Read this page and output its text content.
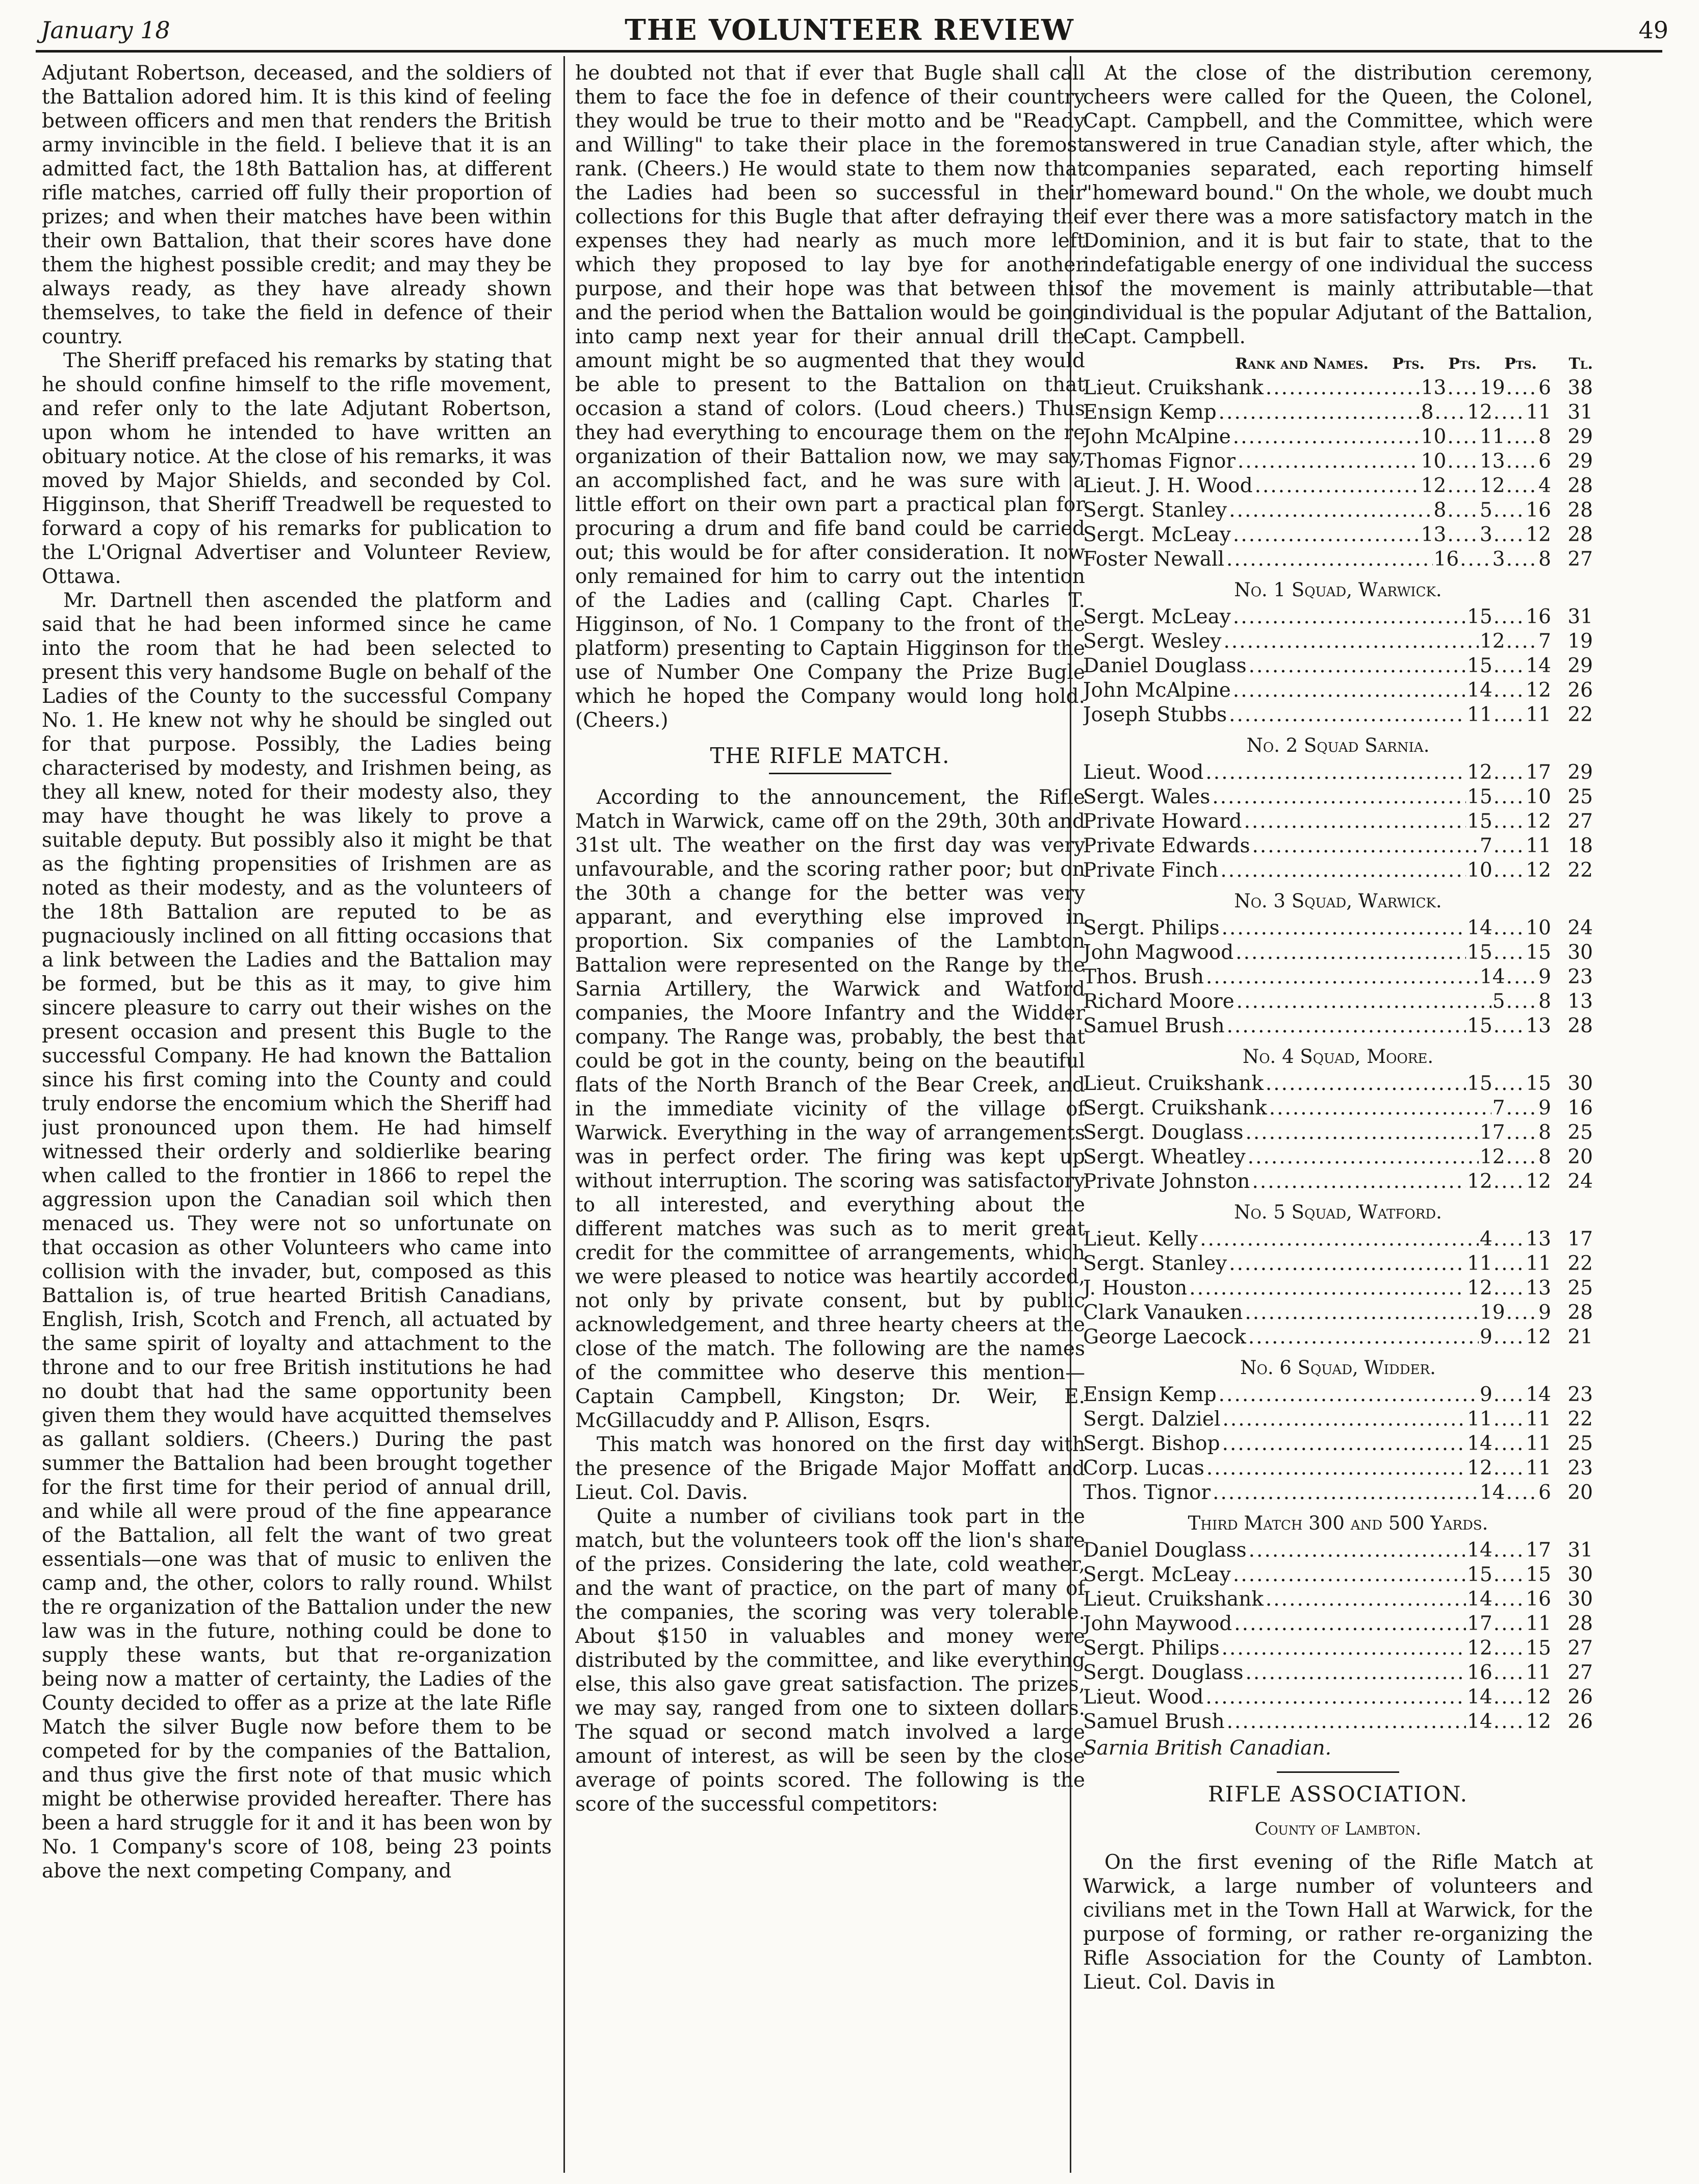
January 18	THE VOLUNTEER REVIEW	49

Adjutant Robertson, deceased, and the soldiers of the Battalion adored him. It is this kind of feeling between officers and men that renders the British army invincible in the field. I believe that it is an admitted fact, the 18th Battalion has, at different rifle matches, carried off fully their proportion of prizes; and when their matches have been within their own Battalion, that their scores have done them the highest possible credit; and may they be always ready, as they have already shown themselves, to take the field in defence of their country.

The Sheriff prefaced his remarks by stating that he should confine himself to the rifle movement, and refer only to the late Adjutant Robertson, upon whom he intended to have written an obituary notice. At the close of his remarks, it was moved by Major Shields, and seconded by Col. Higginson, that Sheriff Treadwell be requested to forward a copy of his remarks for publication to the L'Orignal Advertiser and Volunteer Review, Ottawa.

Mr. Dartnell then ascended the platform and said that he had been informed since he came into the room that he had been selected to present this very handsome Bugle on behalf of the Ladies of the County to the successful Company No. 1. He knew not why he should be singled out for that purpose. Possibly, the Ladies being characterised by modesty, and Irishmen being, as they all knew, noted for their modesty also, they may have thought he was likely to prove a suitable deputy. But possibly also it might be that as the fighting propensities of Irishmen are as noted as their modesty, and as the volunteers of the 18th Battalion are reputed to be as pugnaciously inclined on all fitting occasions that a link between the Ladies and the Battalion may be formed, but be this as it may, to give him sincere pleasure to carry out their wishes on the present occasion and present this Bugle to the successful Company. He had known the Battalion since his first coming into the County and could truly endorse the encomium which the Sheriff had just pronounced upon them. He had himself witnessed their orderly and soldierlike bearing when called to the frontier in 1866 to repel the aggression upon the Canadian soil which then menaced us. They were not so unfortunate on that occasion as other Volunteers who came into collision with the invader, but, composed as this Battalion is, of true hearted British Canadians, English, Irish, Scotch and French, all actuated by the same spirit of loyalty and attachment to the throne and to our free British institutions he had no doubt that had the same opportunity been given them they would have acquitted themselves as gallant soldiers. (Cheers.) During the past summer the Battalion had been brought together for the first time for their period of annual drill, and while all were proud of the fine appearance of the Battalion, all felt the want of two great essentials—one was that of music to enliven the camp and, the other, colors to rally round. Whilst the re organization of the Battalion under the new law was in the future, nothing could be done to supply these wants, but that re-organization being now a matter of certainty, the Ladies of the County decided to offer as a prize at the late Rifle Match the silver Bugle now before them to be competed for by the companies of the Battalion, and thus give the first note of that music which might be otherwise provided hereafter. There has been a hard struggle for it and it has been won by No. 1 Company's score of 108, being 23 points above the next competing Company, and

he doubted not that if ever that Bugle shall call them to face the foe in defence of their country they would be true to their motto and be "Ready and Willing" to take their place in the foremost rank. (Cheers.) He would state to them now that the Ladies had been so successful in their collections for this Bugle that after defraying the expenses they had nearly as much more left which they proposed to lay bye for another purpose, and their hope was that between this and the period when the Battalion would be going into camp next year for their annual drill the amount might be so augmented that they would be able to present to the Battalion on that occasion a stand of colors. (Loud cheers.) Thus they had everything to encourage them on the re organization of their Battalion now, we may say, an accomplished fact, and he was sure with a little effort on their own part a practical plan for procuring a drum and fife band could be carried out; this would be for after consideration. It now only remained for him to carry out the intention of the Ladies and (calling Capt. Charles T. Higginson, of No. 1 Company to the front of the platform) presenting to Captain Higginson for the use of Number One Company the Prize Bugle which he hoped the Company would long hold. (Cheers.)

THE RIFLE MATCH.

According to the announcement, the Rifle Match in Warwick, came off on the 29th, 30th and 31st ult. The weather on the first day was very unfavourable, and the scoring rather poor; but on the 30th a change for the better was very apparant, and everything else improved in proportion. Six companies of the Lambton Battalion were represented on the Range by the Sarnia Artillery, the Warwick and Watford companies, the Moore Infantry and the Widder company. The Range was, probably, the best that could be got in the county, being on the beautiful flats of the North Branch of the Bear Creek, and in the immediate vicinity of the village of Warwick. Everything in the way of arrangements was in perfect order. The firing was kept up without interruption. The scoring was satisfactory to all interested, and everything about the different matches was such as to merit great credit for the committee of arrangements, which we were pleased to notice was heartily accorded, not only by private consent, but by public acknowledgement, and three hearty cheers at the close of the match. The following are the names of the committee who deserve this mention—Captain Campbell, Kingston; Dr. Weir, E. McGillacuddy and P. Allison, Esqrs.

This match was honored on the first day with the presence of the Brigade Major Moffatt and Lieut. Col. Davis.

Quite a number of civilians took part in the match, but the volunteers took off the lion's share of the prizes. Considering the late, cold weather, and the want of practice, on the part of many of the companies, the scoring was very tolerable. About $150 in valuables and money were distributed by the committee, and like everything else, this also gave great satisfaction. The prizes, we may say, ranged from one to sixteen dollars. The squad or second match involved a large amount of interest, as will be seen by the close average of points scored. The following is the score of the successful competitors:

At the close of the distribution ceremony, cheers were called for the Queen, the Colonel, Capt. Campbell, and the Committee, which were answered in true Canadian style, after which, the companies separated, each reporting himself "homeward bound." On the whole, we doubt much if ever there was a more satisfactory match in the Dominion, and it is but fair to state, that to the indefatigable energy of one individual the success of the movement is mainly attributable—that individual is the popular Adjutant of the Battalion, Capt. Campbell.

Rank and Names.	Pts.	Pts.	Pts.	Tl.
Lieut. Cruikshank .....	13 .... 19 .... 6 38
Ensign Kemp .....	8 .... 12 .... 11 31
John McAlpine .....	10 .... 11 .... 8 29
Thomas Fignor .....	10 .... 13 .... 6 29
Lieut. J. H. Wood .....	12 .... 12 .... 4 28
Sergt. Stanley .....	8 .... 5 .... 16 28
Sergt. McLeay .....	13 .... 3 .... 12 28
Foster Newall .....	16 .... 3 .... 8 27
No. 1 Squad, Warwick.
Sergt. McLeay .....	15 .... 16 31
Sergt. Wesley .....	12 .... 7 19
Daniel Douglass .....	15 .... 14 29
John McAlpine .....	14 .... 12 26
Joseph Stubbs .....	11 .... 11 22
No. 2 Squad Sarnia.
Lieut. Wood .....	12 .... 17 29
Sergt. Wales .....	15 .... 10 25
Private Howard .....	15 .... 12 27
Private Edwards .....	7 .... 11 18
Private Finch .....	10 .... 12 22
No. 3 Squad, Warwick.
Sergt. Philips .....	14 .... 10 24
John Magwood .....	15 .... 15 30
Thos. Brush .....	14 .... 9 23
Richard Moore .....	5 .... 8 13
Samuel Brush .....	15 .... 13 28
No. 4 Squad, Moore.
Lieut. Cruikshank .....	15 .... 15 30
Sergt. Cruikshank .....	7 .... 9 16
Sergt. Douglass .....	17 .... 8 25
Sergt. Wheatley .....	12 .... 8 20
Private Johnston .....	12 .... 12 24
No. 5 Squad, Watford.
Lieut. Kelly .....	4 .... 13 17
Sergt. Stanley .....	11 .... 11 22
J. Houston .....	12 .... 13 25
Clark Vanauken .....	19 .... 9 28
George Laecock .....	9 .... 12 21
No. 6 Squad, Widder.
Ensign Kemp .....	9 .... 14 23
Sergt. Dalziel .....	11 .... 11 22
Sergt. Bishop .....	14 .... 11 25
Corp. Lucas .....	12 .... 11 23
Thos. Tignor .....	14 .... 6 20
Third Match 300 and 500 Yards.
Daniel Douglass .....	14 .... 17 31
Sergt. McLeay .....	15 .... 15 30
Lieut. Cruikshank .....	14 .... 16 30
John Maywood .....	17 .... 11 28
Sergt. Philips .....	12 .... 15 27
Sergt. Douglass .....	16 .... 11 27
Lieut. Wood .....	14 .... 12 26
Samuel Brush .....	14 .... 12 26
Sarnia British Canadian.
RIFLE ASSOCIATION.
County of Lambton.

On the first evening of the Rifle Match at Warwick, a large number of volunteers and civilians met in the Town Hall at Warwick, for the purpose of forming, or rather re-organizing the Rifle Association for the County of Lambton. Lieut. Col. Davis in
